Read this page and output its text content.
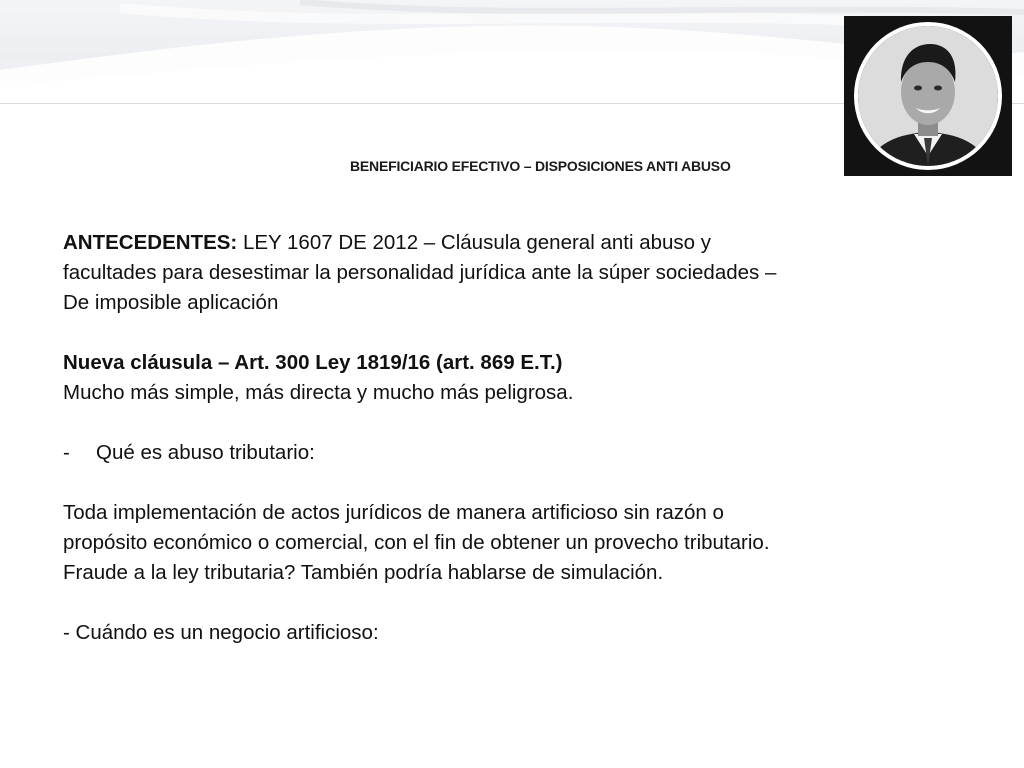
BENEFICIARIO EFECTIVO – DISPOSICIONES ANTI ABUSO

ANTECEDENTES: LEY 1607 DE 2012 – Cláusula general anti abuso y facultades para desestimar la personalidad jurídica ante la súper sociedades – De imposible aplicación

Nueva cláusula – Art. 300 Ley 1819/16 (art. 869 E.T.)

Mucho más simple, más directa y mucho más peligrosa.

-	Qué es abuso tributario:

Toda implementación de actos jurídicos de manera artificioso sin razón o propósito económico o comercial, con el fin de obtener un provecho tributario. Fraude a la ley tributaria? También podría hablarse de simulación.

- Cuándo es un negocio artificioso:
